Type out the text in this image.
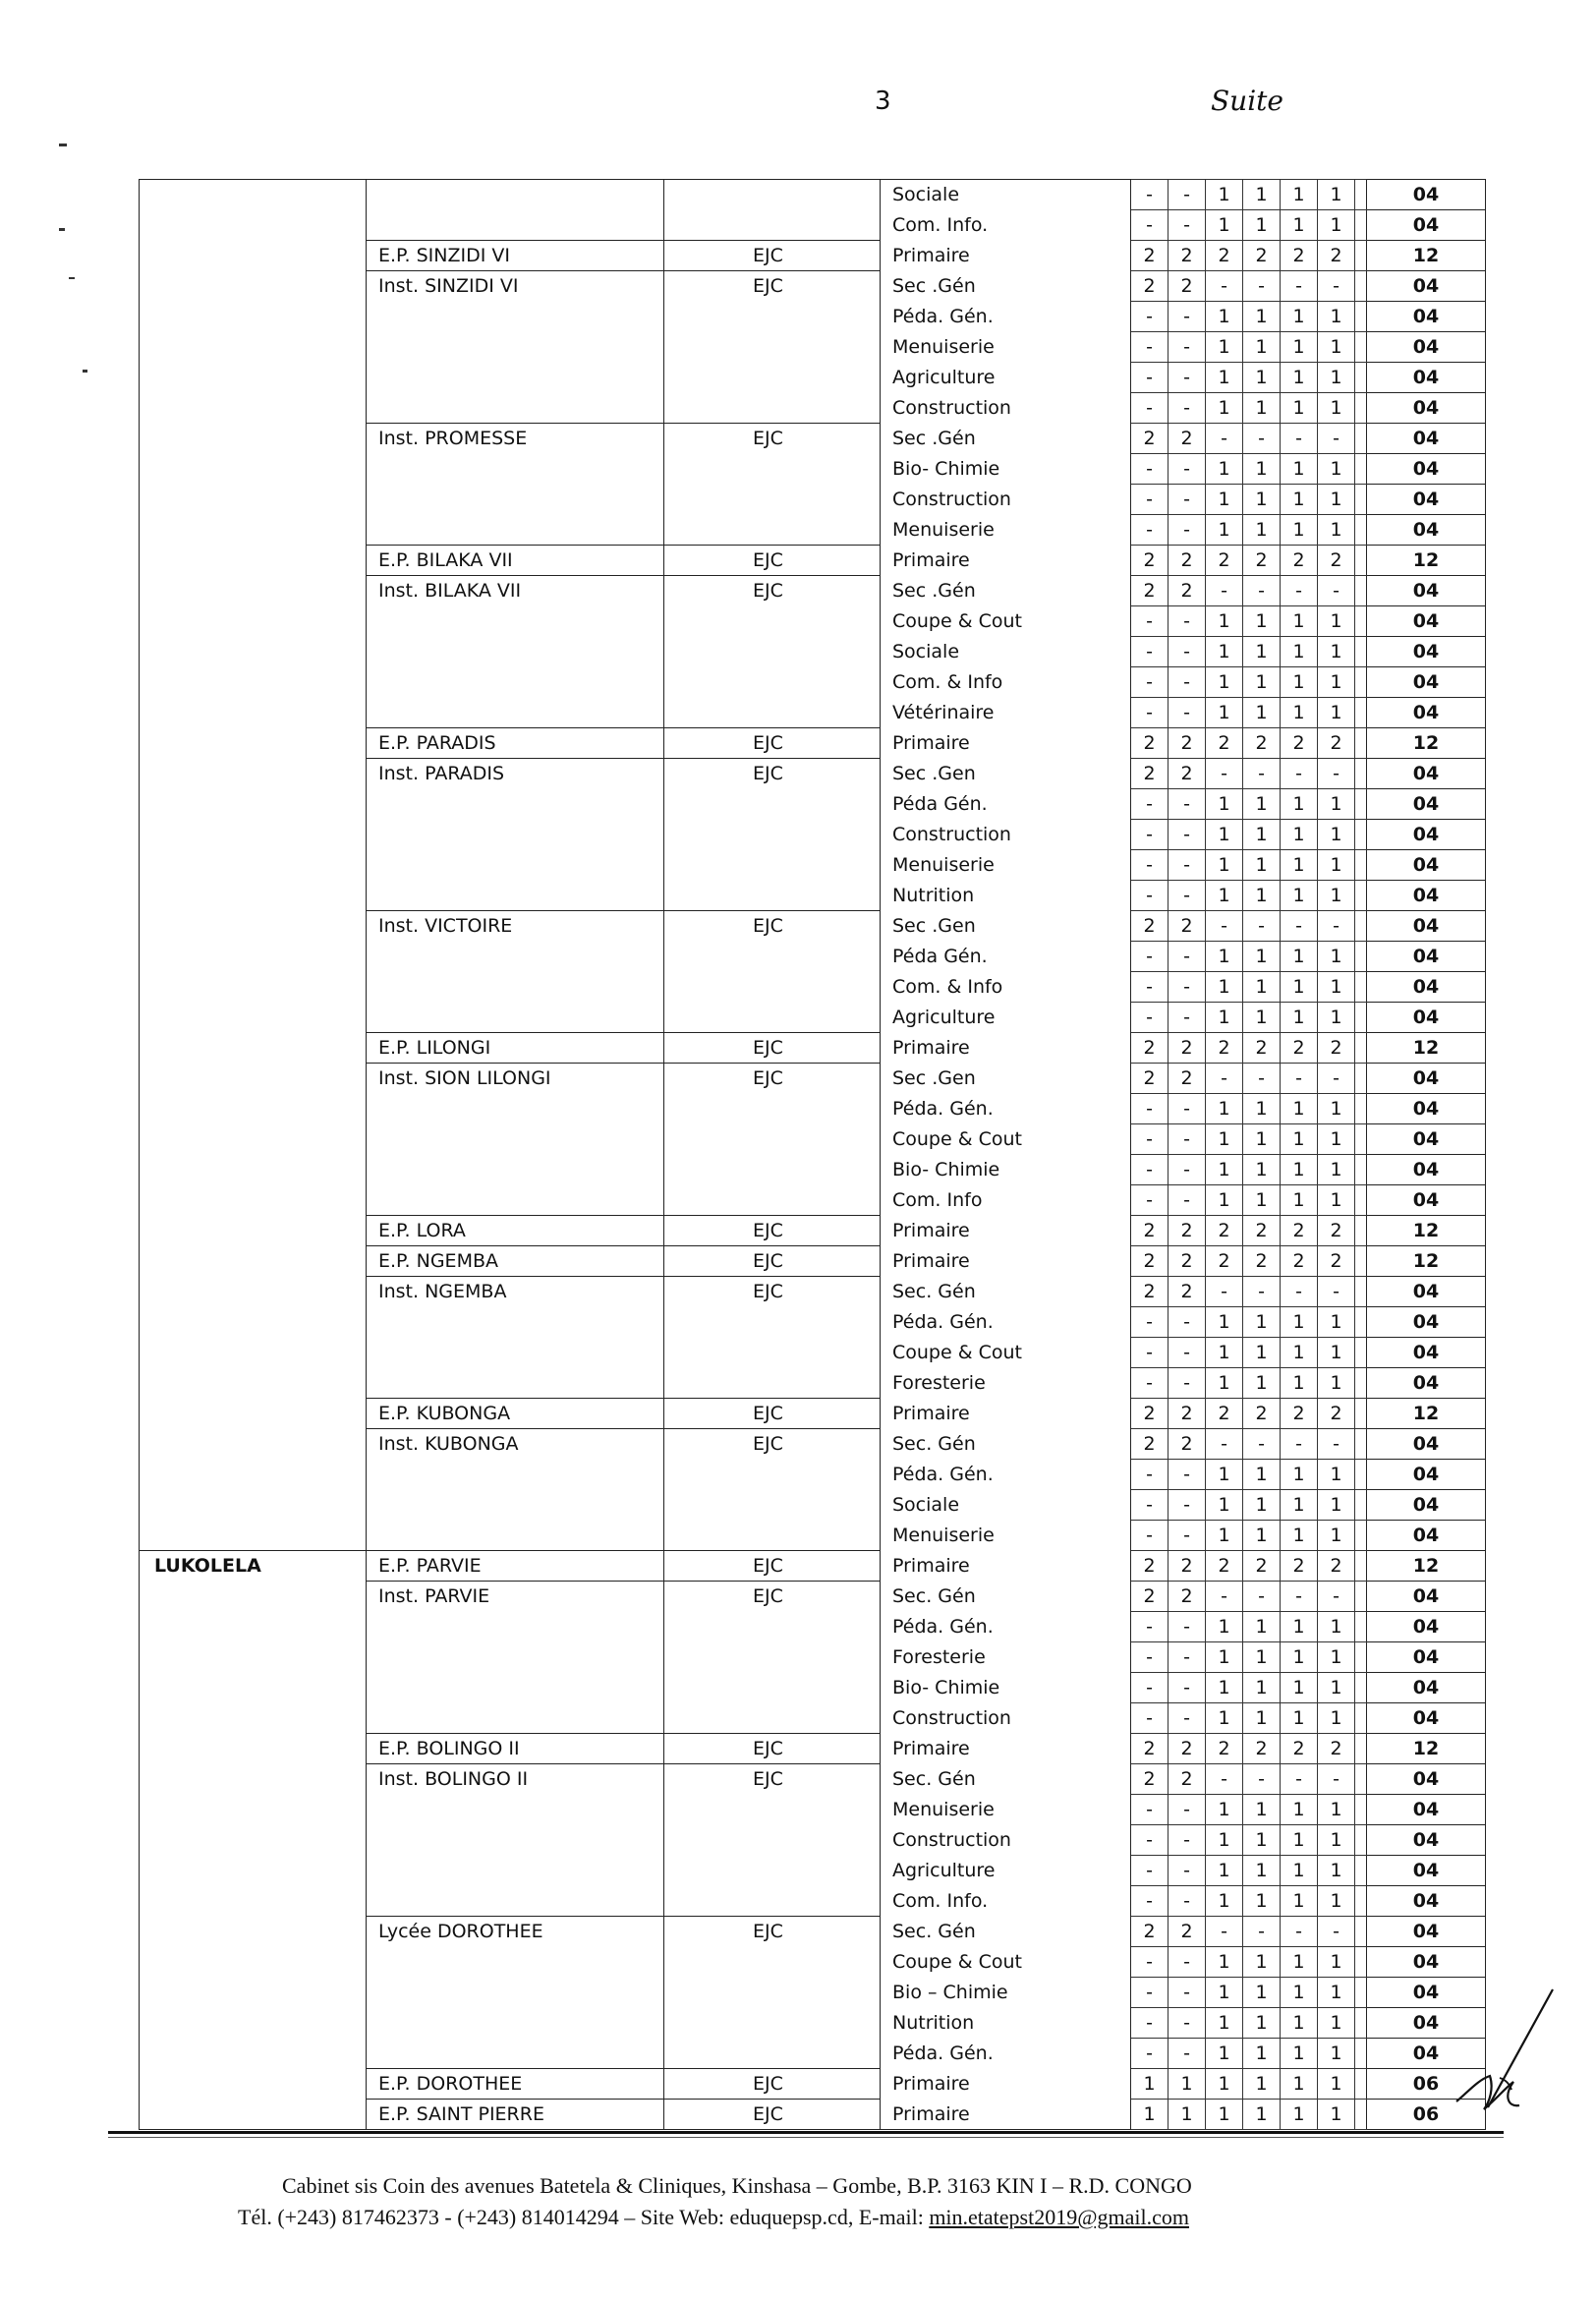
3	Suite
			Sociale	-	-	1	1	1	1		04
			Com. Info.	-	-	1	1	1	1		04
	E.P. SINZIDI VI	EJC	Primaire	2	2	2	2	2	2		12
	Inst. SINZIDI VI	EJC	Sec .Gén	2	2	-	-	-	-		04
			Péda. Gén.	-	-	1	1	1	1		04
			Menuiserie	-	-	1	1	1	1		04
			Agriculture	-	-	1	1	1	1		04
			Construction	-	-	1	1	1	1		04
	Inst. PROMESSE	EJC	Sec .Gén	2	2	-	-	-	-		04
			Bio- Chimie	-	-	1	1	1	1		04
			Construction	-	-	1	1	1	1		04
			Menuiserie	-	-	1	1	1	1		04
	E.P. BILAKA VII	EJC	Primaire	2	2	2	2	2	2		12
	Inst. BILAKA VII	EJC	Sec .Gén	2	2	-	-	-	-		04
			Coupe & Cout	-	-	1	1	1	1		04
			Sociale	-	-	1	1	1	1		04
			Com. & Info	-	-	1	1	1	1		04
			Vétérinaire	-	-	1	1	1	1		04
	E.P. PARADIS	EJC	Primaire	2	2	2	2	2	2		12
	Inst. PARADIS	EJC	Sec .Gen	2	2	-	-	-	-		04
			Péda Gén.	-	-	1	1	1	1		04
			Construction	-	-	1	1	1	1		04
			Menuiserie	-	-	1	1	1	1		04
			Nutrition	-	-	1	1	1	1		04
	Inst. VICTOIRE	EJC	Sec .Gen	2	2	-	-	-	-		04
			Péda Gén.	-	-	1	1	1	1		04
			Com. & Info	-	-	1	1	1	1		04
			Agriculture	-	-	1	1	1	1		04
	E.P. LILONGI	EJC	Primaire	2	2	2	2	2	2		12
	Inst. SION LILONGI	EJC	Sec .Gen	2	2	-	-	-	-		04
			Péda. Gén.	-	-	1	1	1	1		04
			Coupe & Cout	-	-	1	1	1	1		04
			Bio- Chimie	-	-	1	1	1	1		04
			Com. Info	-	-	1	1	1	1		04
	E.P. LORA	EJC	Primaire	2	2	2	2	2	2		12
	E.P. NGEMBA	EJC	Primaire	2	2	2	2	2	2		12
	Inst. NGEMBA	EJC	Sec. Gén	2	2	-	-	-	-		04
			Péda. Gén.	-	-	1	1	1	1		04
			Coupe & Cout	-	-	1	1	1	1		04
			Foresterie	-	-	1	1	1	1		04
	E.P. KUBONGA	EJC	Primaire	2	2	2	2	2	2		12
	Inst. KUBONGA	EJC	Sec. Gén	2	2	-	-	-	-		04
			Péda. Gén.	-	-	1	1	1	1		04
			Sociale	-	-	1	1	1	1		04
			Menuiserie	-	-	1	1	1	1		04
LUKOLELA	E.P. PARVIE	EJC	Primaire	2	2	2	2	2	2		12
	Inst. PARVIE	EJC	Sec. Gén	2	2	-	-	-	-		04
			Péda. Gén.	-	-	1	1	1	1		04
			Foresterie	-	-	1	1	1	1		04
			Bio- Chimie	-	-	1	1	1	1		04
			Construction	-	-	1	1	1	1		04
	E.P. BOLINGO II	EJC	Primaire	2	2	2	2	2	2		12
	Inst. BOLINGO II	EJC	Sec. Gén	2	2	-	-	-	-		04
			Menuiserie	-	-	1	1	1	1		04
			Construction	-	-	1	1	1	1		04
			Agriculture	-	-	1	1	1	1		04
			Com. Info.	-	-	1	1	1	1		04
	Lycée DOROTHEE	EJC	Sec. Gén	2	2	-	-	-	-		04
			Coupe & Cout	-	-	1	1	1	1		04
			Bio – Chimie	-	-	1	1	1	1		04
			Nutrition	-	-	1	1	1	1		04
			Péda. Gén.	-	-	1	1	1	1		04
	E.P. DOROTHEE	EJC	Primaire	1	1	1	1	1	1		06
	E.P. SAINT PIERRE	EJC	Primaire	1	1	1	1	1	1		06
Cabinet sis Coin des avenues Batetela & Cliniques, Kinshasa – Gombe, B.P. 3163 KIN I – R.D. CONGO
Tél. (+243) 817462373 - (+243) 814014294 – Site Web: eduquepsp.cd, E-mail: min.etatepst2019@gmail.com
